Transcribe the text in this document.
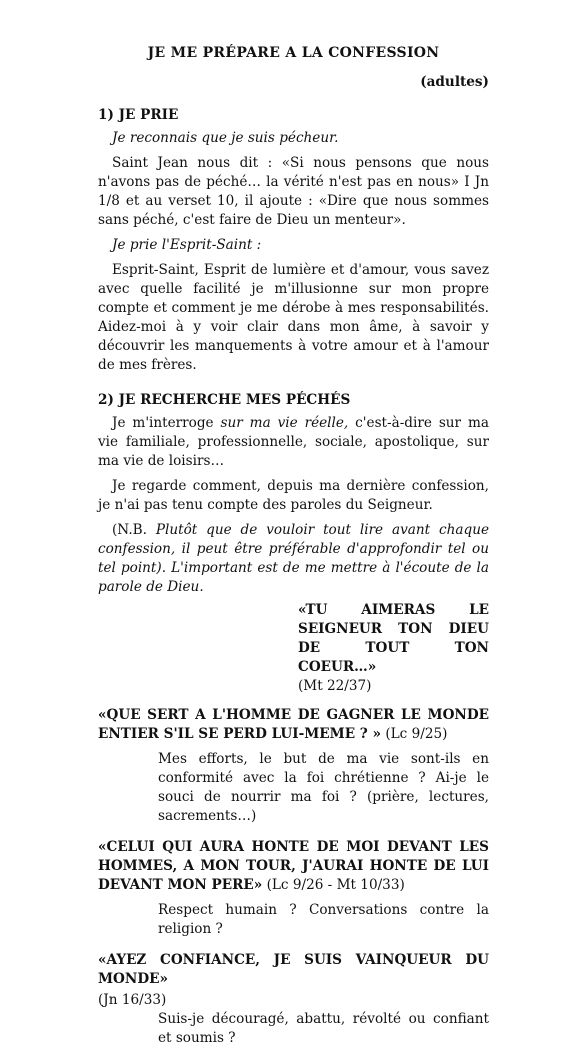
JE ME PRÉPARE A LA CONFESSION
(adultes)
1) JE PRIE

Je reconnais que je suis pécheur.

Saint Jean nous dit : «Si nous pensons que nous n'avons pas de péché… la vérité n'est pas en nous» I Jn 1/8 et au verset 10, il ajoute : «Dire que nous sommes sans péché, c'est faire de Dieu un menteur».

Je prie l'Esprit-Saint :

Esprit-Saint, Esprit de lumière et d'amour, vous savez avec quelle facilité je m'illusionne sur mon propre compte et comment je me dérobe à mes responsabilités. Aidez-moi à y voir clair dans mon âme, à savoir y découvrir les manquements à votre amour et à l'amour de mes frères.

2) JE RECHERCHE MES PÉCHÉS

Je m'interroge sur ma vie réelle, c'est-à-dire sur ma vie familiale, professionnelle, sociale, apostolique, sur ma vie de loisirs…

Je regarde comment, depuis ma dernière confession, je n'ai pas tenu compte des paroles du Seigneur.

(N.B. Plutôt que de vouloir tout lire avant chaque confession, il peut être préférable d'approfondir tel ou tel point). L'important est de me mettre à l'écoute de la parole de Dieu.

«TU AIMERAS LE SEIGNEUR TON DIEU DE TOUT TON COEUR…»

(Mt 22/37)

«QUE SERT A L'HOMME DE GAGNER LE MONDE ENTIER S'IL SE PERD LUI-MEME ? » (Lc 9/25)

Mes efforts, le but de ma vie sont-ils en conformité avec la foi chrétienne ? Ai-je le souci de nourrir ma foi ? (prière, lectures, sacrements…)

«CELUI QUI AURA HONTE DE MOI DEVANT LES HOMMES, A MON TOUR, J'AURAI HONTE DE LUI DEVANT MON PERE» (Lc 9/26 - Mt 10/33)

Respect humain ? Conversations contre la religion ?

«AYEZ CONFIANCE, JE SUIS VAINQUEUR DU MONDE»

(Jn 16/33)

Suis-je découragé, abattu, révolté ou confiant et soumis ?
